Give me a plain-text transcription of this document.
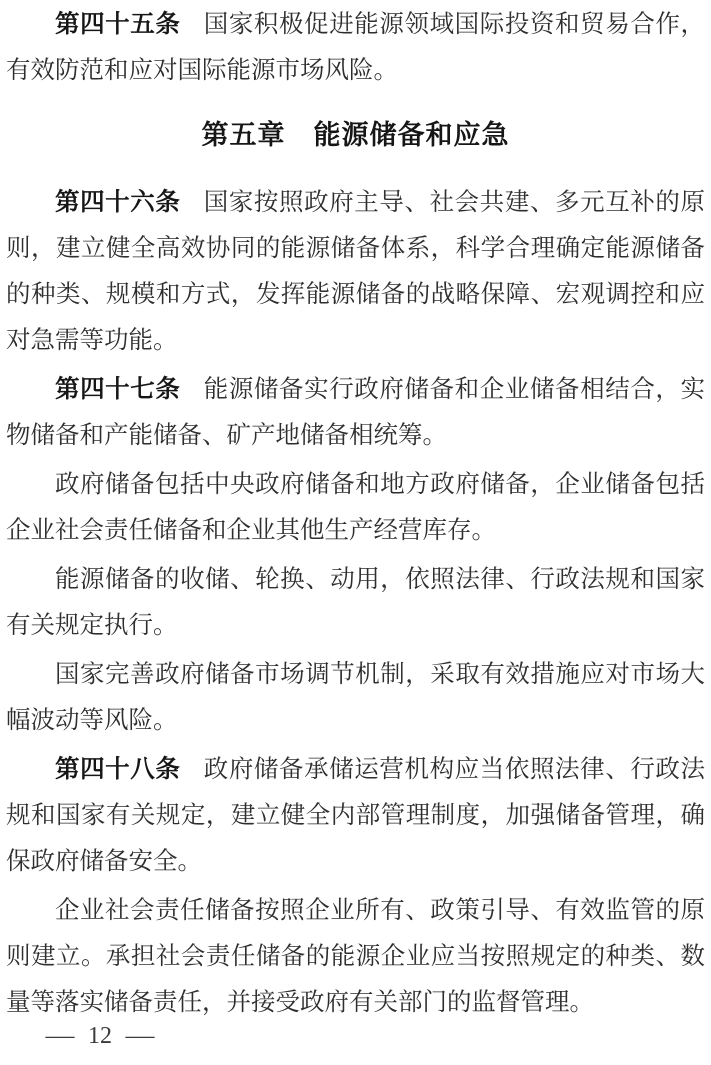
第四十五条 国家积极促进能源领域国际投资和贸易合作，有效防范和应对国际能源市场风险。

第五章　能源储备和应急

第四十六条 国家按照政府主导、社会共建、多元互补的原则，建立健全高效协同的能源储备体系，科学合理确定能源储备的种类、规模和方式，发挥能源储备的战略保障、宏观调控和应对急需等功能。

第四十七条 能源储备实行政府储备和企业储备相结合，实物储备和产能储备、矿产地储备相统筹。

政府储备包括中央政府储备和地方政府储备，企业储备包括企业社会责任储备和企业其他生产经营库存。

能源储备的收储、轮换、动用，依照法律、行政法规和国家有关规定执行。

国家完善政府储备市场调节机制，采取有效措施应对市场大幅波动等风险。

第四十八条 政府储备承储运营机构应当依照法律、行政法规和国家有关规定，建立健全内部管理制度，加强储备管理，确保政府储备安全。

企业社会责任储备按照企业所有、政策引导、有效监管的原则建立。承担社会责任储备的能源企业应当按照规定的种类、数量等落实储备责任，并接受政府有关部门的监督管理。

— 12 —
